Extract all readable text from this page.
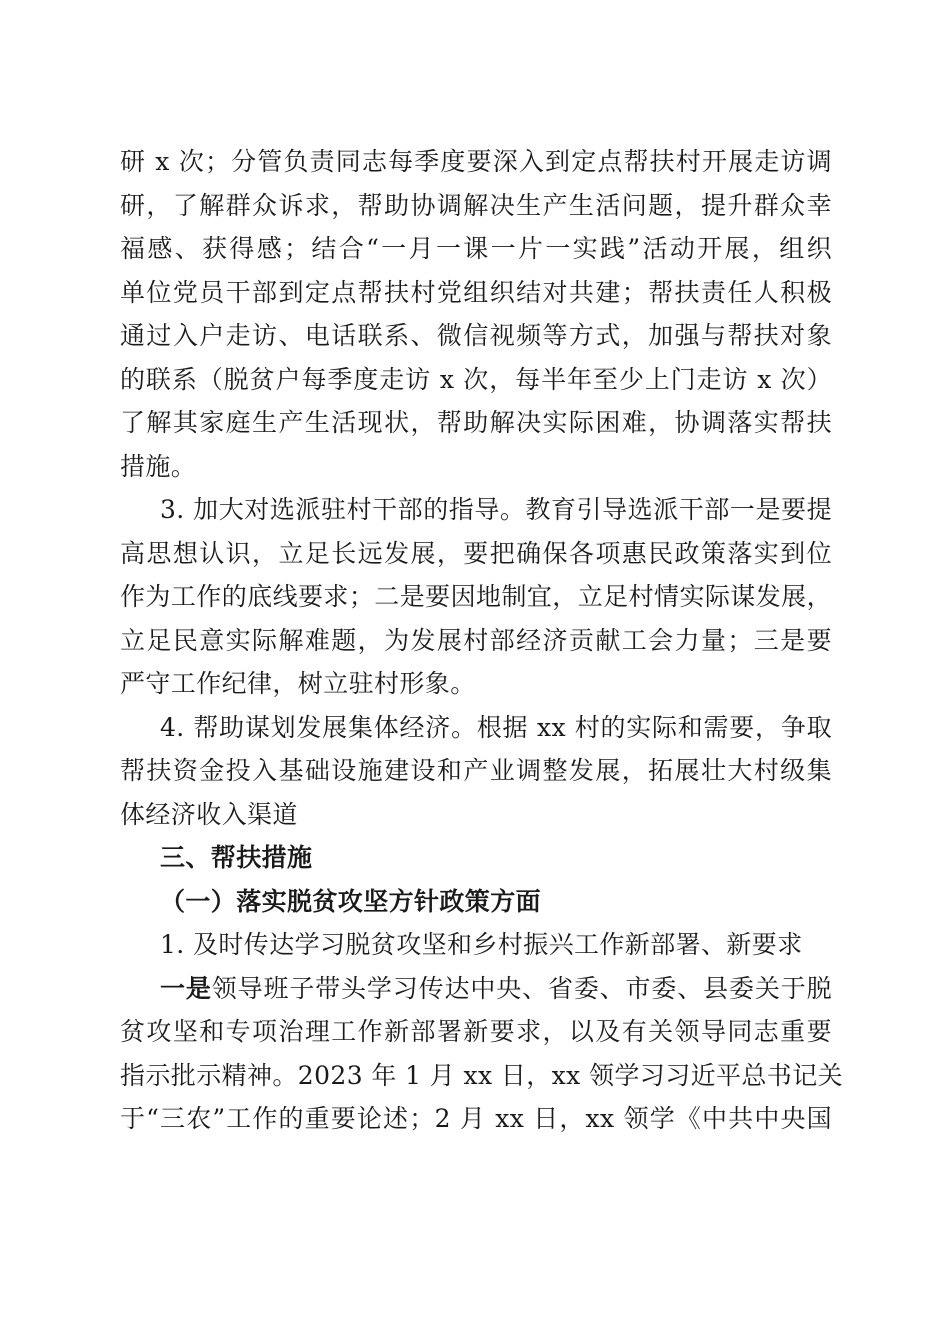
研 x 次；分管负责同志每季度要深入到定点帮扶村开展走访调
研，了解群众诉求，帮助协调解决生产生活问题，提升群众幸
福感、获得感；结合“一月一课一片一实践”活动开展，组织
单位党员干部到定点帮扶村党组织结对共建；帮扶责任人积极
通过入户走访、电话联系、微信视频等方式，加强与帮扶对象
的联系（脱贫户每季度走访 x 次，每半年至少上门走访 x 次）
了解其家庭生产生活现状，帮助解决实际困难，协调落实帮扶
措施。
3. 加大对选派驻村干部的指导。教育引导选派干部一是要提
高思想认识，立足长远发展，要把确保各项惠民政策落实到位
作为工作的底线要求；二是要因地制宜，立足村情实际谋发展，
立足民意实际解难题，为发展村部经济贡献工会力量；三是要
严守工作纪律，树立驻村形象。
4. 帮助谋划发展集体经济。根据 xx 村的实际和需要，争取
帮扶资金投入基础设施建设和产业调整发展，拓展壮大村级集
体经济收入渠道
三、帮扶措施
（一）落实脱贫攻坚方针政策方面
1. 及时传达学习脱贫攻坚和乡村振兴工作新部署、新要求
一是领导班子带头学习传达中央、省委、市委、县委关于脱
贫攻坚和专项治理工作新部署新要求，以及有关领导同志重要
指示批示精神。2023 年 1 月 xx 日，xx 领学习习近平总书记关
于“三农”工作的重要论述；2 月 xx 日，xx 领学《中共中央国
